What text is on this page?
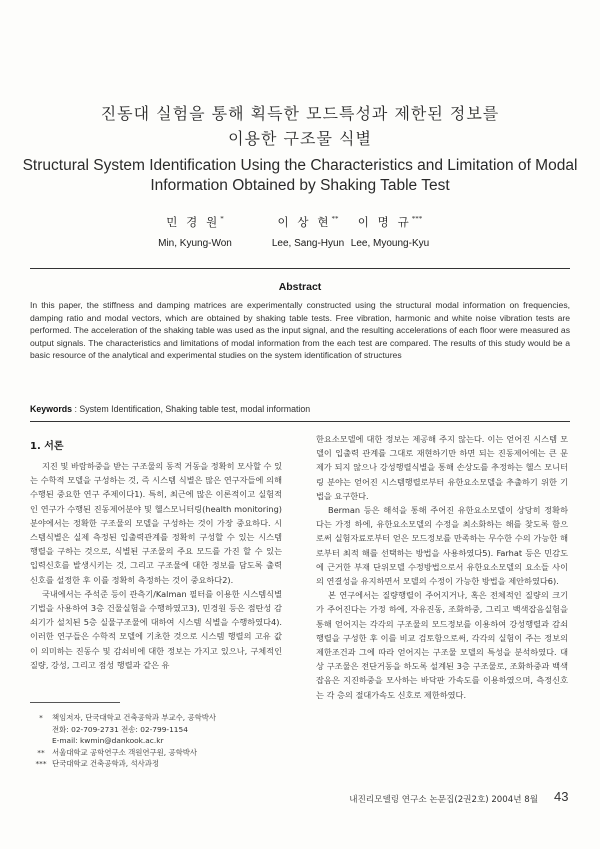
진동대 실험을 통해 획득한 모드특성과 제한된 정보를
이용한 구조물 식별
Structural System Identification Using the Characteristics and Limitation of Modal
Information Obtained by Shaking Table Test
민 경 원*
Min, Kyung-Won
이 상 현**
Lee, Sang-Hyun
이 명 규***
Lee, Myoung-Kyu
Abstract
In this paper, the stiffness and damping matrices are experimentally constructed using the structural modal information on frequencies, damping ratio and modal vectors, which are obtained by shaking table tests. Free vibration, harmonic and white noise vibration tests are performed. The acceleration of the shaking table was used as the input signal, and the resulting accelerations of each floor were measured as output signals. The characteristics and limitations of modal information from the each test are compared. The results of this study would be a basic resource of the analytical and experimental studies on the system identification of structures
Keywords : System Identification, Shaking table test, modal information
1. 서론

지진 및 바람하중을 받는 구조물의 동적 거동을 정확히 모사할 수 있는 수학적 모델을 구성하는 것, 즉 시스템 식별은 많은 연구자들에 의해 수행된 중요한 연구 주제이다1). 특히, 최근에 많은 이론적이고 실험적인 연구가 수행된 진동제어분야 및 헬스모니터링(health monitoring) 분야에서는 정확한 구조물의 모델을 구성하는 것이 가장 중요하다. 시스템식별은 실제 측정된 입출력관계를 정확히 구성할 수 있는 시스템 행렬을 구하는 것으로, 식별된 구조물의 주요 모드를 가진 할 수 있는 입력신호를 발생시키는 것, 그리고 구조물에 대한 정보를 담도록 출력 신호를 설정한 후 이를 정확히 측정하는 것이 중요하다2).

국내에서는 주석준 등이 관측기/Kalman 필터를 이용한 시스템식별기법을 사용하여 3층 건물실험을 수행하였고3), 민경원 등은 점탄성 감쇠기가 설치된 5층 실물구조물에 대하여 시스템 식별을 수행하였다4). 이러한 연구들은 수학적 모델에 기초한 것으로 시스템 행렬의 고유 값이 의미하는 진동수 및 감쇠비에 대한 정보는 가지고 있으나, 구체적인 질량, 강성, 그리고 점성 행렬과 같은 유

한요소모델에 대한 정보는 제공해 주지 않는다. 이는 얻어진 시스템 모델이 입출력 관계를 그대로 재현하기만 하면 되는 진동제어에는 큰 문제가 되지 않으나 강성행렬식별을 통해 손상도를 추정하는 헬스 모니터링 분야는 얻어진 시스템행렬로부터 유한요소모델을 추출하기 위한 기법을 요구한다.

Berman 등은 해석을 통해 주어진 유한요소모델이 상당히 정확하다는 가정 하에, 유한요소모델의 수정을 최소화하는 해를 찾도록 함으로써 실험자료로부터 얻은 모드정보를 만족하는 무수한 수의 가능한 해로부터 최적 해를 선택하는 방법을 사용하였다5). Farhat 등은 민감도에 근거한 부재 단위모델 수정방법으로서 유한요소모델의 요소들 사이의 연결성을 유지하면서 모델의 수정이 가능한 방법을 제안하였다6).

본 연구에서는 질량행렬이 주어지거나, 혹은 전체적인 질량의 크기가 주어진다는 가정 하에, 자유진동, 조화하중, 그리고 백색잡음실험을 통해 얻어지는 각각의 구조물의 모드정보를 이용하여 강성행렬과 감쇠행렬을 구성한 후 이를 비교 검토함으로써, 각각의 실험이 주는 정보의 제한조건과 그에 따라 얻어지는 구조물 모델의 특성을 분석하였다. 대상 구조물은 전단거동을 하도록 설계된 3층 구조물로, 조화하중과 백색잡음은 지진하중을 모사하는 바닥판 가속도를 이용하였으며, 측정신호는 각 층의 절대가속도 신호로 제한하였다.

*	책임저자, 단국대학교 건축공학과 부교수, 공학박사
전화: 02-709-2731 전송: 02-799-1154
E-mail: kwmin@dankook.ac.kr
** 서울대학교 공학연구소 객원연구원, 공학박사
*** 단국대학교 건축공학과, 석사과정
내진리모델링 연구소 논문집(2권2호) 2004년 8월 43
